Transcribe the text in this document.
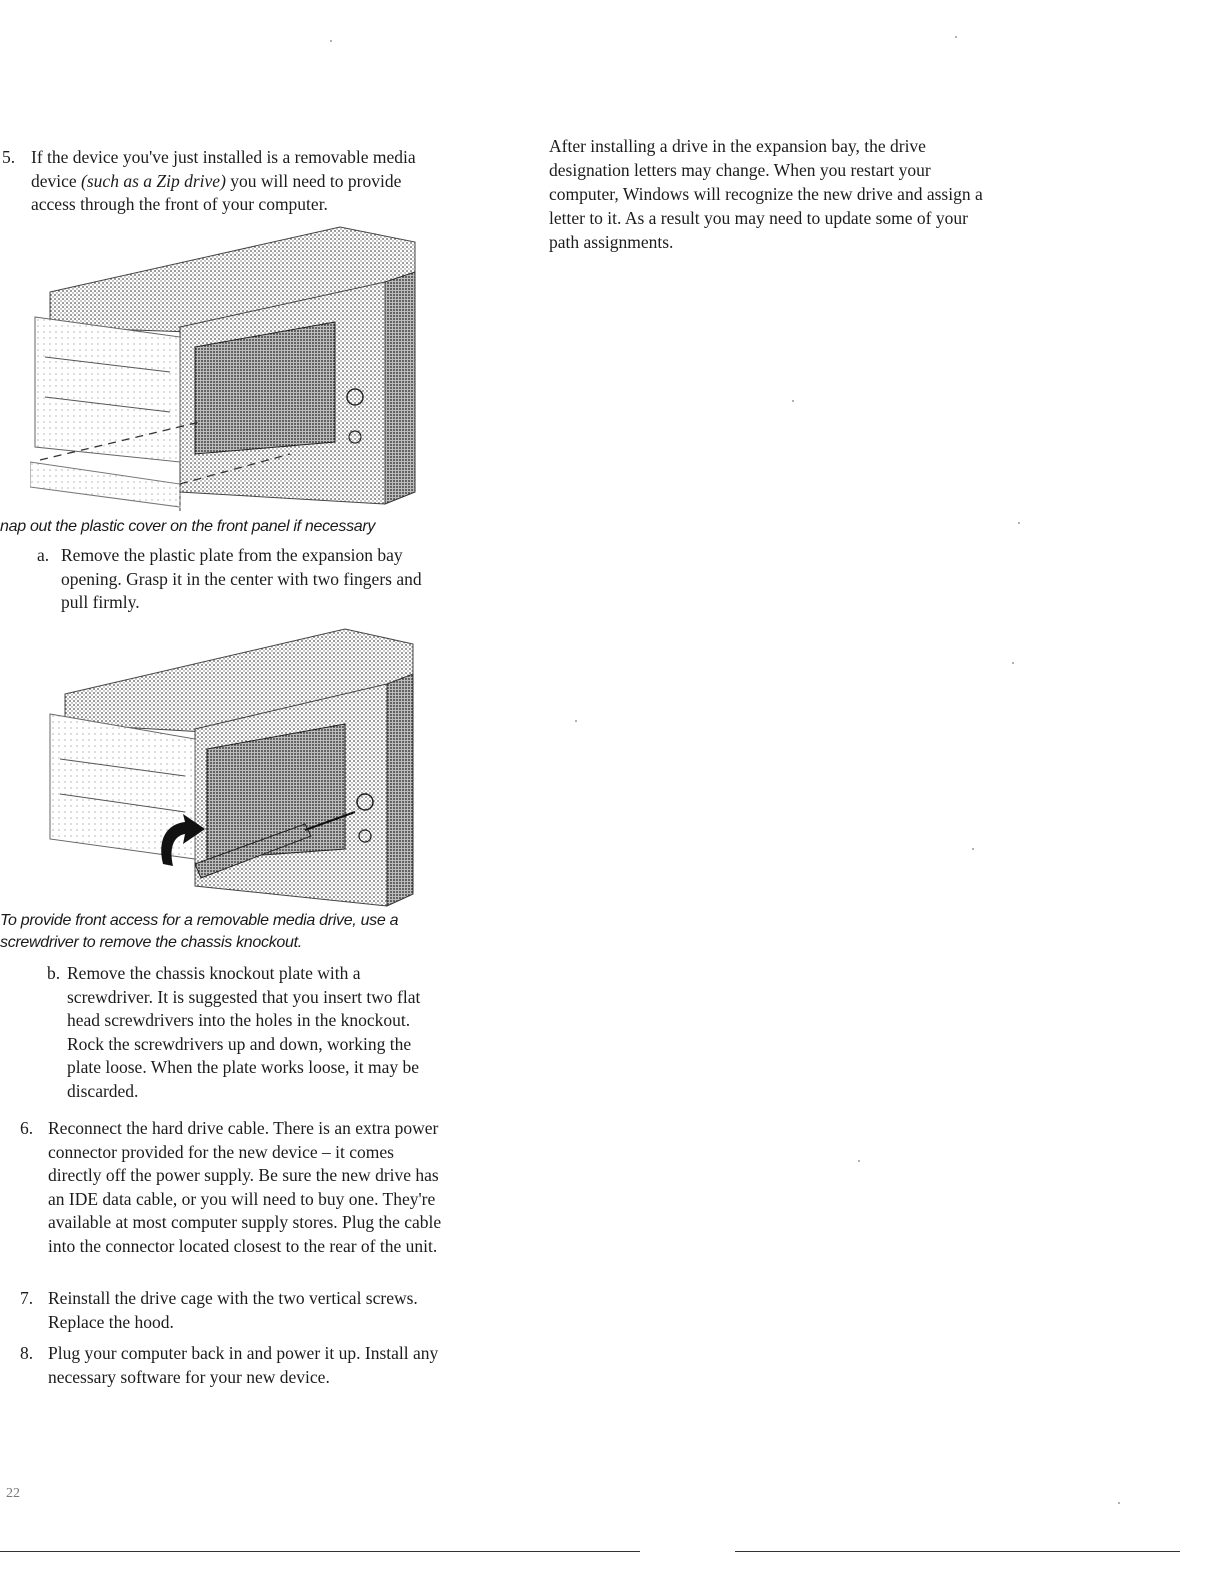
5. If the device you've just installed is a removable media device (such as a Zip drive) you will need to provide access through the front of your computer.
nap out the plastic cover on the front panel if necessary
a. Remove the plastic plate from the expansion bay opening. Grasp it in the center with two fingers and pull firmly.
To provide front access for a removable media drive, use a screwdriver to remove the chassis knockout.
b. Remove the chassis knockout plate with a screwdriver. It is suggested that you insert two flat head screwdrivers into the holes in the knockout. Rock the screwdrivers up and down, working the plate loose. When the plate works loose, it may be discarded.
6. Reconnect the hard drive cable. There is an extra power connector provided for the new device – it comes directly off the power supply. Be sure the new drive has an IDE data cable, or you will need to buy one. They're available at most computer supply stores. Plug the cable into the connector located closest to the rear of the unit.
7. Reinstall the drive cage with the two vertical screws. Replace the hood.
8. Plug your computer back in and power it up. Install any necessary software for your new device.
After installing a drive in the expansion bay, the drive designation letters may change. When you restart your computer, Windows will recognize the new drive and assign a letter to it. As a result you may need to update some of your path assignments.
22
